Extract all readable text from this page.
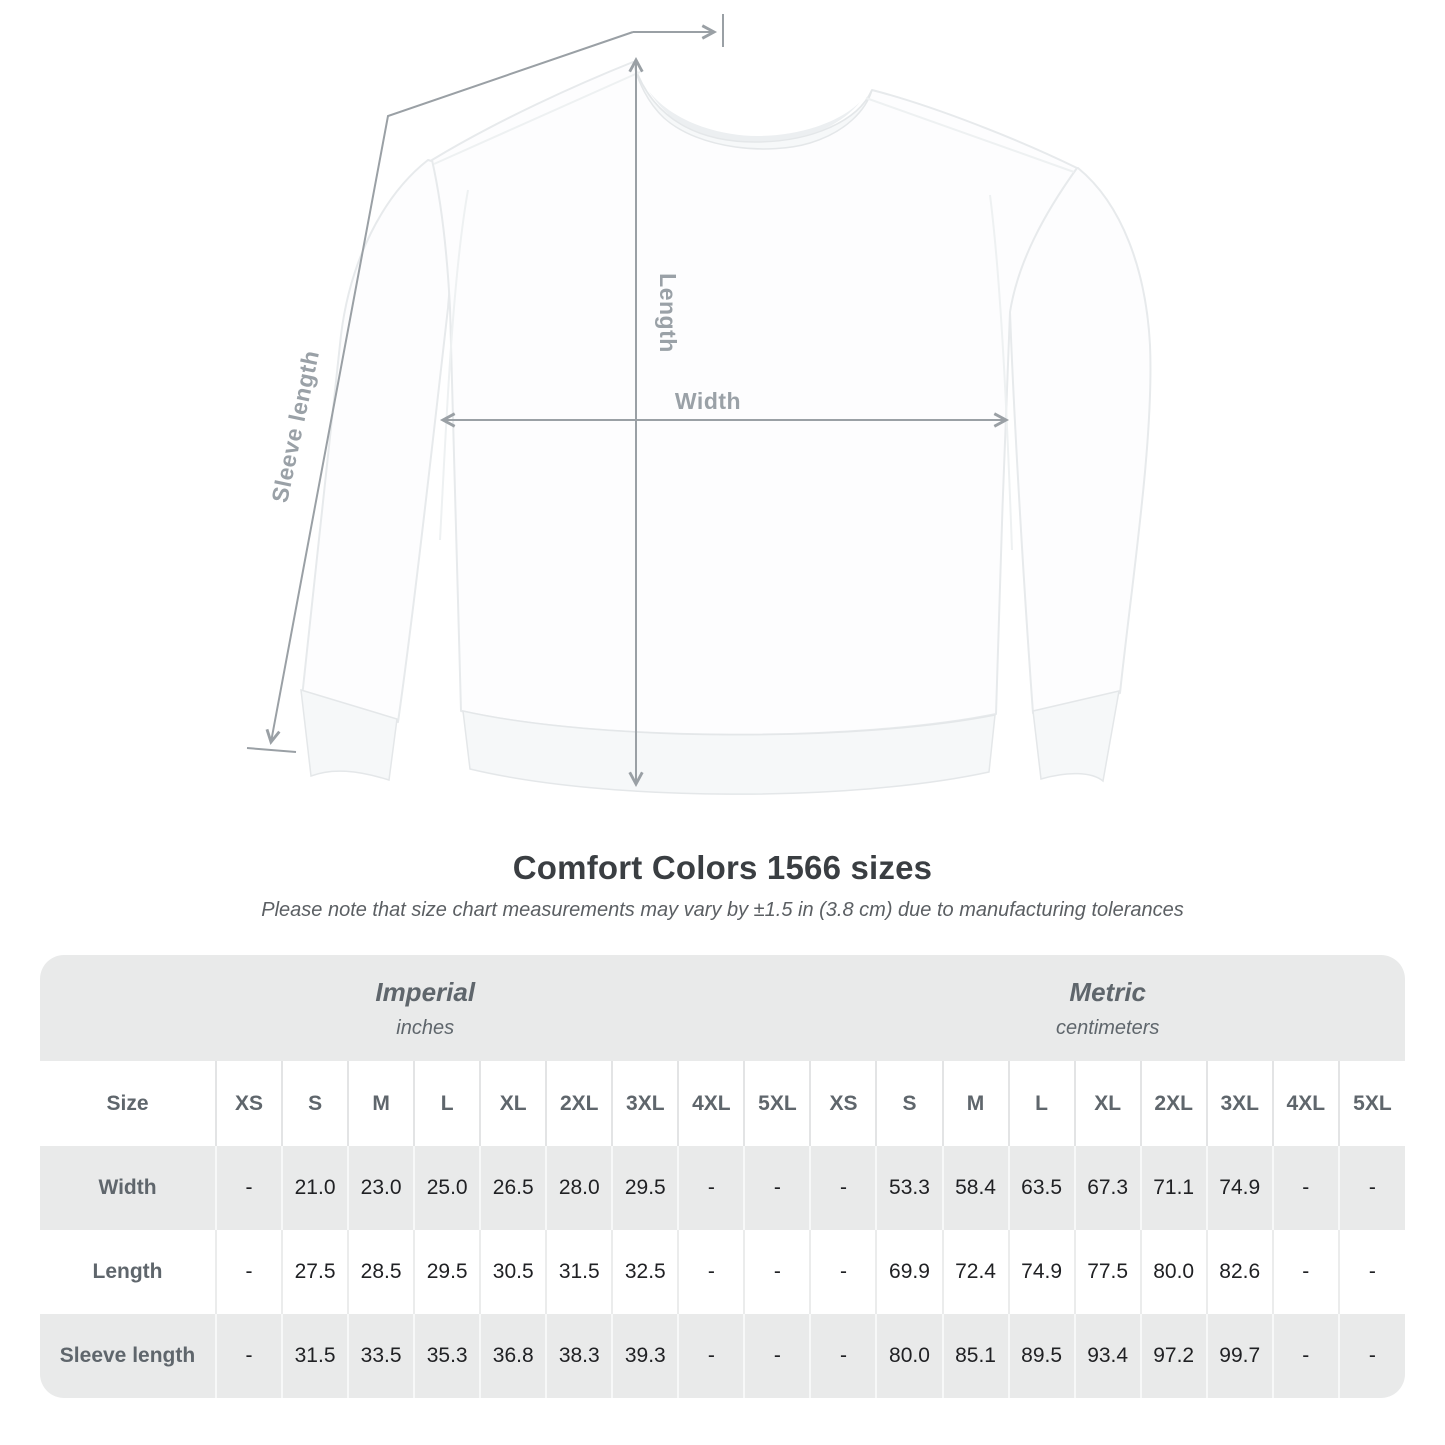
Sleeve length
Length
Width
Comfort Colors 1566 sizes
Please note that size chart measurements may vary by ±1.5 in (3.8 cm) due to manufacturing tolerances
Imperial
inches

Metric
centimeters

Size	XS	S	M	L	XL	2XL	3XL	4XL	5XL	XS	S	M	L	XL	2XL	3XL	4XL	5XL
Width	-	21.0	23.0	25.0	26.5	28.0	29.5	-	-	-	53.3	58.4	63.5	67.3	71.1	74.9	-	-
Length	-	27.5	28.5	29.5	30.5	31.5	32.5	-	-	-	69.9	72.4	74.9	77.5	80.0	82.6	-	-
Sleeve length	-	31.5	33.5	35.3	36.8	38.3	39.3	-	-	-	80.0	85.1	89.5	93.4	97.2	99.7	-	-
